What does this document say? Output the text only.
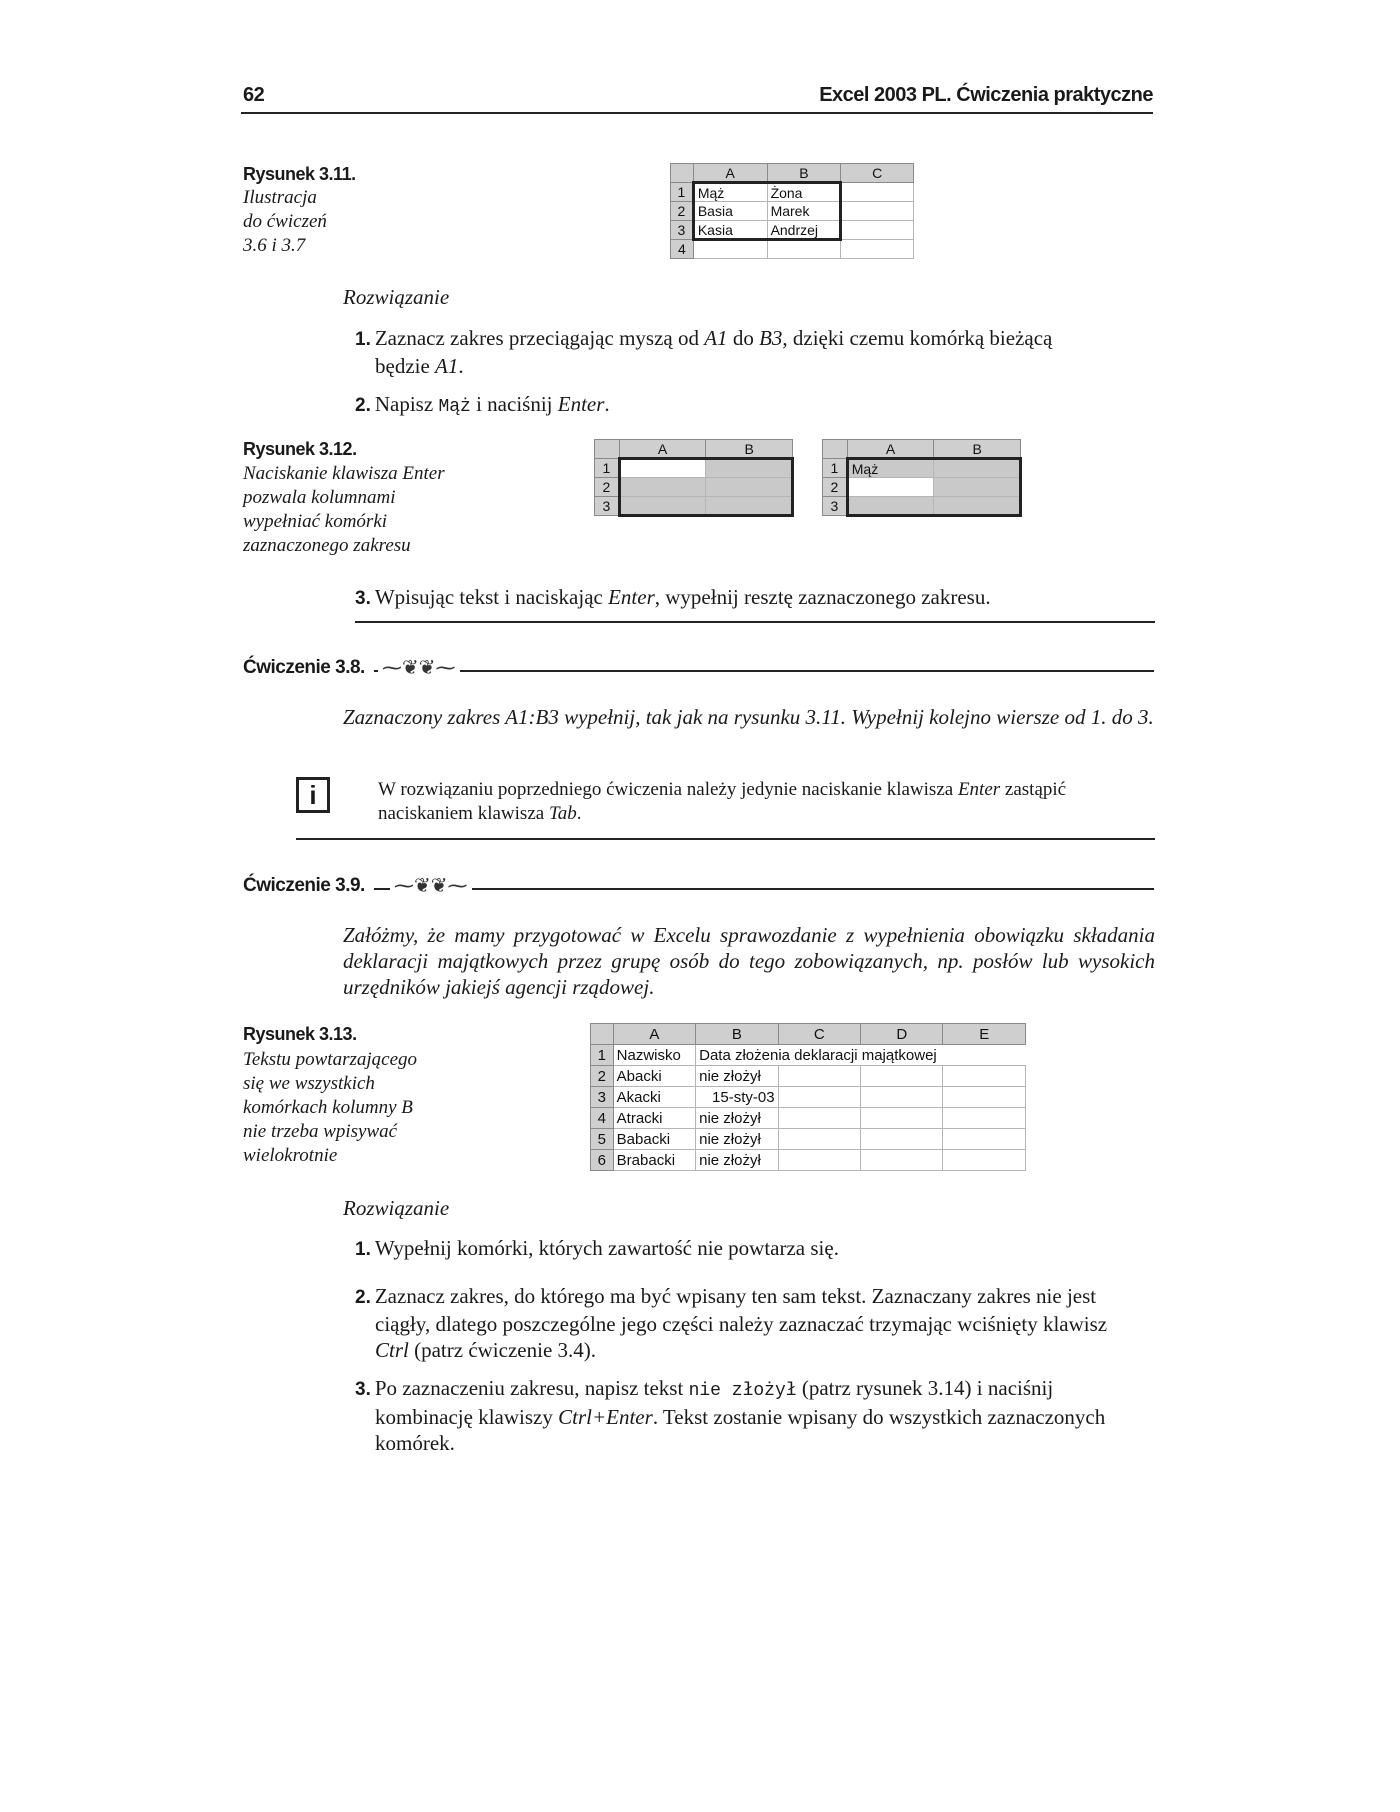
62	Excel 2003 PL. Ćwiczenia praktyczne
Rysunek 3.11.
Ilustracja
do ćwiczeń
3.6 i 3.7
	A	B	C
1	Mąż	Żona	
2	Basia	Marek	
3	Kasia	Andrzej	
4			
Rozwiązanie
1. Zaznacz zakres przeciągając myszą od A1 do B3, dzięki czemu komórką bieżącą
będzie A1.
2. Napisz Mąż i naciśnij Enter.
Rysunek 3.12.
Naciskanie klawisza Enter
pozwala kolumnami
wypełniać komórki
zaznaczonego zakresu
	A	B
1		
2		
3		
	A	B
1	Mąż	
2		
3		
3. Wpisując tekst i naciskając Enter, wypełnij resztę zaznaczonego zakresu.
Ćwiczenie 3.8. ⁓❦❦⁓
Zaznaczony zakres A1:B3 wypełnij, tak jak na rysunku 3.11. Wypełnij kolejno wiersze od 1. do 3.
i	W rozwiązaniu poprzedniego ćwiczenia należy jedynie naciskanie klawisza Enter zastąpić naciskaniem klawisza Tab.
Ćwiczenie 3.9. ⁓❦❦⁓
Załóżmy, że mamy przygotować w Excelu sprawozdanie z wypełnienia obowiązku składania deklaracji majątkowych przez grupę osób do tego zobowiązanych, np. posłów lub wysokich urzędników jakiejś agencji rządowej.
Rysunek 3.13.
Tekstu powtarzającego
się we wszystkich
komórkach kolumny B
nie trzeba wpisywać
wielokrotnie
	A	B	C	D	E
1	Nazwisko	Data złożenia deklaracji majątkowej			
2	Abacki	nie złożył			
3	Akacki	15-sty-03			
4	Atracki	nie złożył			
5	Babacki	nie złożył			
6	Brabacki	nie złożył			
Rozwiązanie
1. Wypełnij komórki, których zawartość nie powtarza się.
2. Zaznacz zakres, do którego ma być wpisany ten sam tekst. Zaznaczany zakres nie jest ciągły, dlatego poszczególne jego części należy zaznaczać trzymając wciśnięty klawisz Ctrl (patrz ćwiczenie 3.4).
3. Po zaznaczeniu zakresu, napisz tekst nie złożył (patrz rysunek 3.14) i naciśnij kombinację klawiszy Ctrl+Enter. Tekst zostanie wpisany do wszystkich zaznaczonych komórek.
